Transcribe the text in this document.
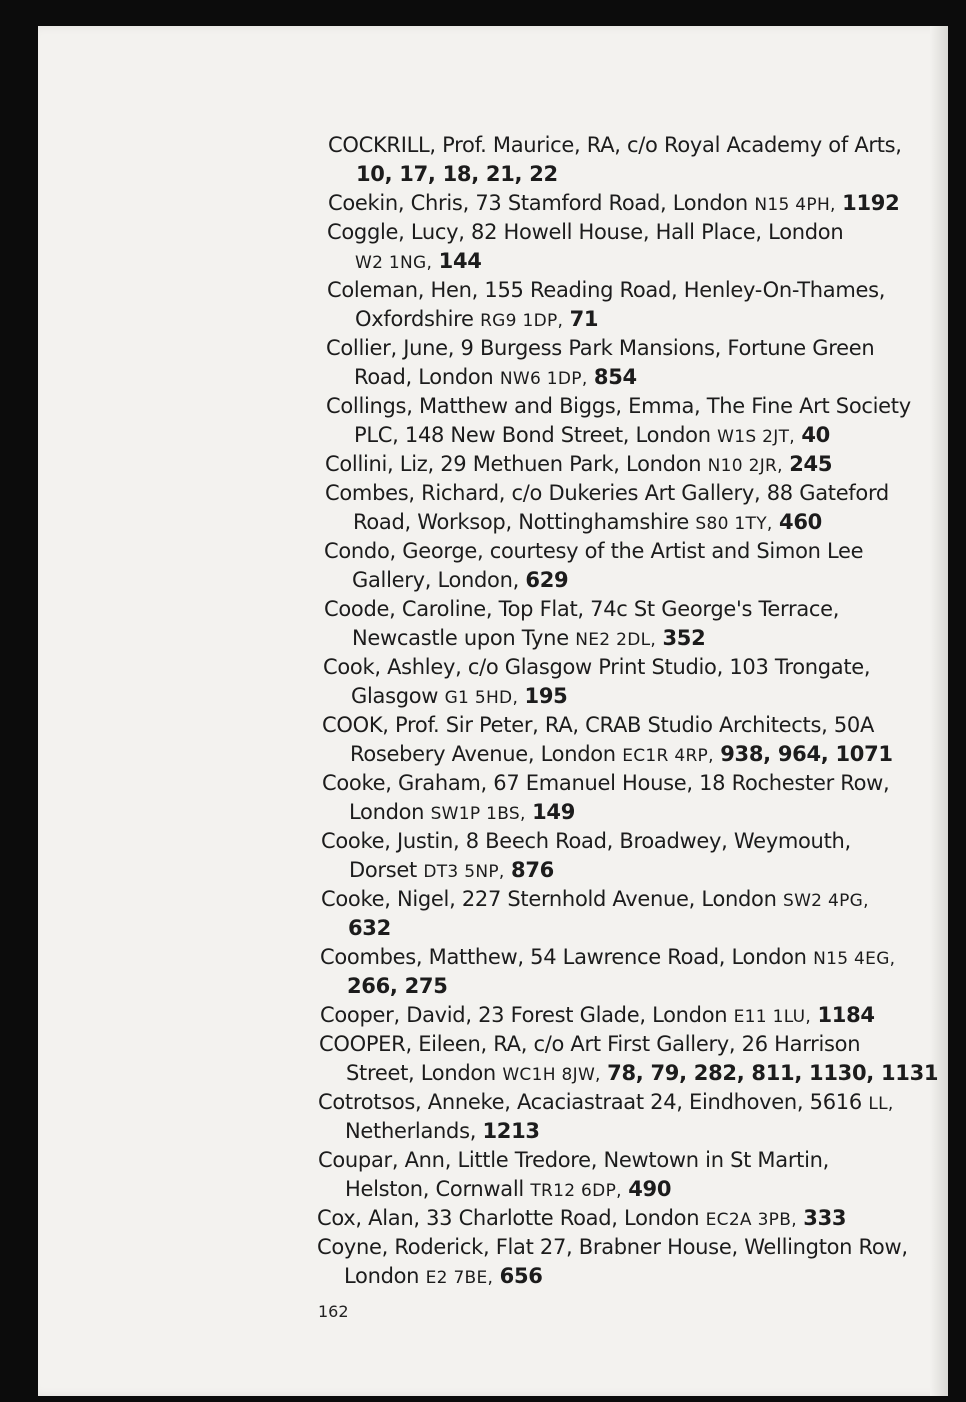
COCKRILL, Prof. Maurice, RA, c/o Royal Academy of Arts,
10, 17, 18, 21, 22
Coekin, Chris, 73 Stamford Road, London N15 4PH, 1192
Coggle, Lucy, 82 Howell House, Hall Place, London
W2 1NG, 144
Coleman, Hen, 155 Reading Road, Henley-On-Thames,
Oxfordshire RG9 1DP, 71
Collier, June, 9 Burgess Park Mansions, Fortune Green
Road, London NW6 1DP, 854
Collings, Matthew and Biggs, Emma, The Fine Art Society
PLC, 148 New Bond Street, London W1S 2JT, 40
Collini, Liz, 29 Methuen Park, London N10 2JR, 245
Combes, Richard, c/o Dukeries Art Gallery, 88 Gateford
Road, Worksop, Nottinghamshire S80 1TY, 460
Condo, George, courtesy of the Artist and Simon Lee
Gallery, London, 629
Coode, Caroline, Top Flat, 74c St George's Terrace,
Newcastle upon Tyne NE2 2DL, 352
Cook, Ashley, c/o Glasgow Print Studio, 103 Trongate,
Glasgow G1 5HD, 195
COOK, Prof. Sir Peter, RA, CRAB Studio Architects, 50A
Rosebery Avenue, London EC1R 4RP, 938, 964, 1071
Cooke, Graham, 67 Emanuel House, 18 Rochester Row,
London SW1P 1BS, 149
Cooke, Justin, 8 Beech Road, Broadwey, Weymouth,
Dorset DT3 5NP, 876
Cooke, Nigel, 227 Sternhold Avenue, London SW2 4PG,
632
Coombes, Matthew, 54 Lawrence Road, London N15 4EG,
266, 275
Cooper, David, 23 Forest Glade, London E11 1LU, 1184
COOPER, Eileen, RA, c/o Art First Gallery, 26 Harrison
Street, London WC1H 8JW, 78, 79, 282, 811, 1130, 1131
Cotrotsos, Anneke, Acaciastraat 24, Eindhoven, 5616 LL,
Netherlands, 1213
Coupar, Ann, Little Tredore, Newtown in St Martin,
Helston, Cornwall TR12 6DP, 490
Cox, Alan, 33 Charlotte Road, London EC2A 3PB, 333
Coyne, Roderick, Flat 27, Brabner House, Wellington Row,
London E2 7BE, 656
162
